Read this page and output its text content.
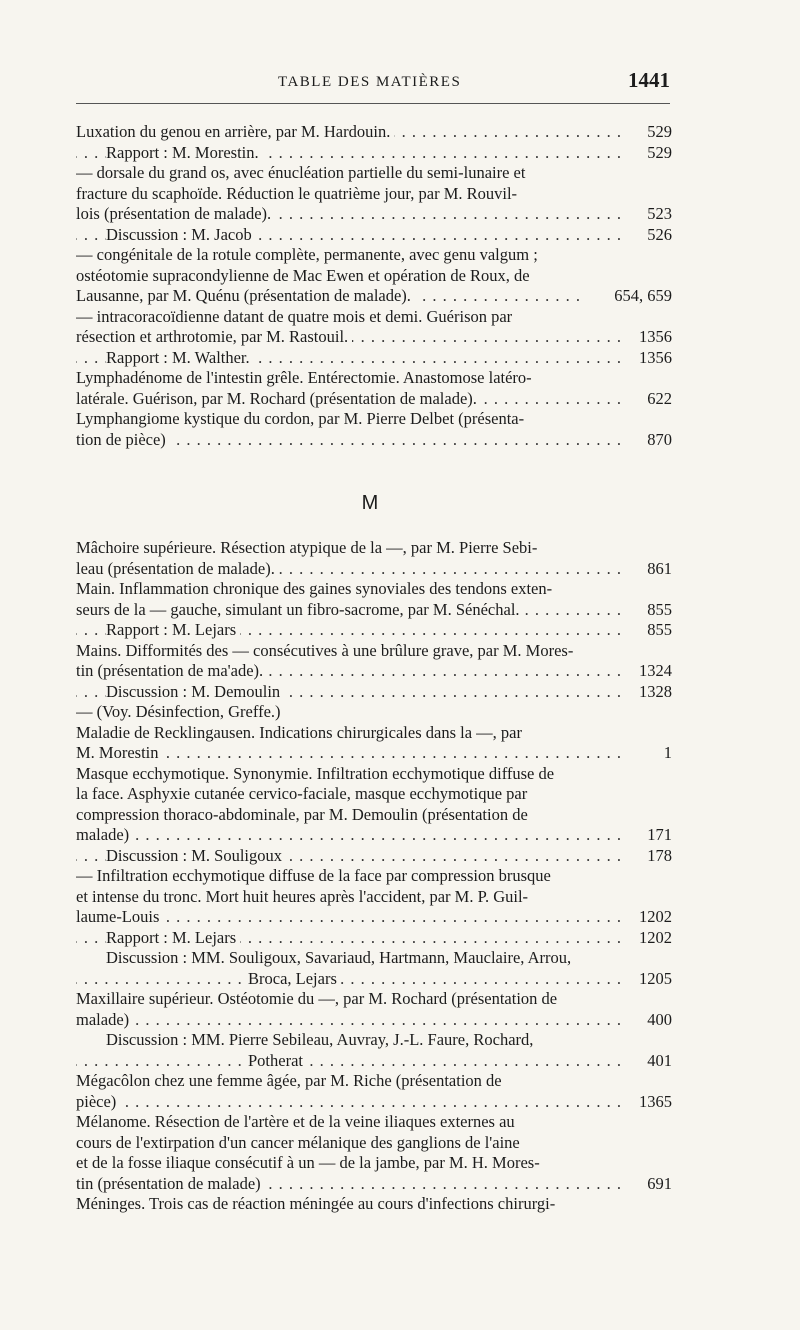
TABLE DES MATIÈRES	1441
Luxation du genou en arrière, par M. Hardouin.	529
. . .
Rapport : M. Morestin.	529
. . .
— dorsale du grand os, avec énucléation partielle du semi-lunaire et
fracture du scaphoïde. Réduction le quatrième jour, par M. Rouvil-
lois (présentation de malade).	523
. . .
Discussion : M. Jacob	526
. . .
— congénitale de la rotule complète, permanente, avec genu valgum ;
ostéotomie supracondylienne de Mac Ewen et opération de Roux, de
Lausanne, par M. Quénu (présentation de malade).	654, 659
. . .
— intracoracoïdienne datant de quatre mois et demi. Guérison par
résection et arthrotomie, par M. Rastouil.	1356
. . .
Rapport : M. Walther.	1356
. . .
Lymphadénome de l'intestin grêle. Entérectomie. Anastomose latéro-
latérale. Guérison, par M. Rochard (présentation de malade).	622
. . .
Lymphangiome kystique du cordon, par M. Pierre Delbet (présenta-
tion de pièce)	870
. . .
M
Mâchoire supérieure. Résection atypique de la —, par M. Pierre Sebi-
leau (présentation de malade).	861
. . .
Main. Inflammation chronique des gaines synoviales des tendons exten-
seurs de la — gauche, simulant un fibro-sacrome, par M. Sénéchal.	855
. . .
Rapport : M. Lejars	855
. . .
Mains. Difformités des — consécutives à une brûlure grave, par M. Mores-
tin (présentation de ma'ade).	1324
. . .
Discussion : M. Demoulin	1328
. . .
— (Voy. Désinfection, Greffe.)
Maladie de Recklingausen. Indications chirurgicales dans la —, par
M. Morestin	1
. . .
Masque ecchymotique. Synonymie. Infiltration ecchymotique diffuse de
la face. Asphyxie cutanée cervico-faciale, masque ecchymotique par
compression thoraco-abdominale, par M. Demoulin (présentation de
malade)	171
. . .
Discussion : M. Souligoux	178
. . .
— Infiltration ecchymotique diffuse de la face par compression brusque
et intense du tronc. Mort huit heures après l'accident, par M. P. Guil-
laume-Louis	1202
. . .
Rapport : M. Lejars	1202
. . .
Discussion : MM. Souligoux, Savariaud, Hartmann, Mauclaire, Arrou,
Broca, Lejars	1205
. . .
Maxillaire supérieur. Ostéotomie du —, par M. Rochard (présentation de
malade)	400
. . .
Discussion : MM. Pierre Sebileau, Auvray, J.-L. Faure, Rochard,
Potherat	401
. . .
Mégacôlon chez une femme âgée, par M. Riche (présentation de
pièce)	1365
. . .
Mélanome. Résection de l'artère et de la veine iliaques externes au
cours de l'extirpation d'un cancer mélanique des ganglions de l'aine
et de la fosse iliaque consécutif à un — de la jambe, par M. H. Mores-
tin (présentation de malade)	691
. . .
Méninges. Trois cas de réaction méningée au cours d'infections chirurgi-
